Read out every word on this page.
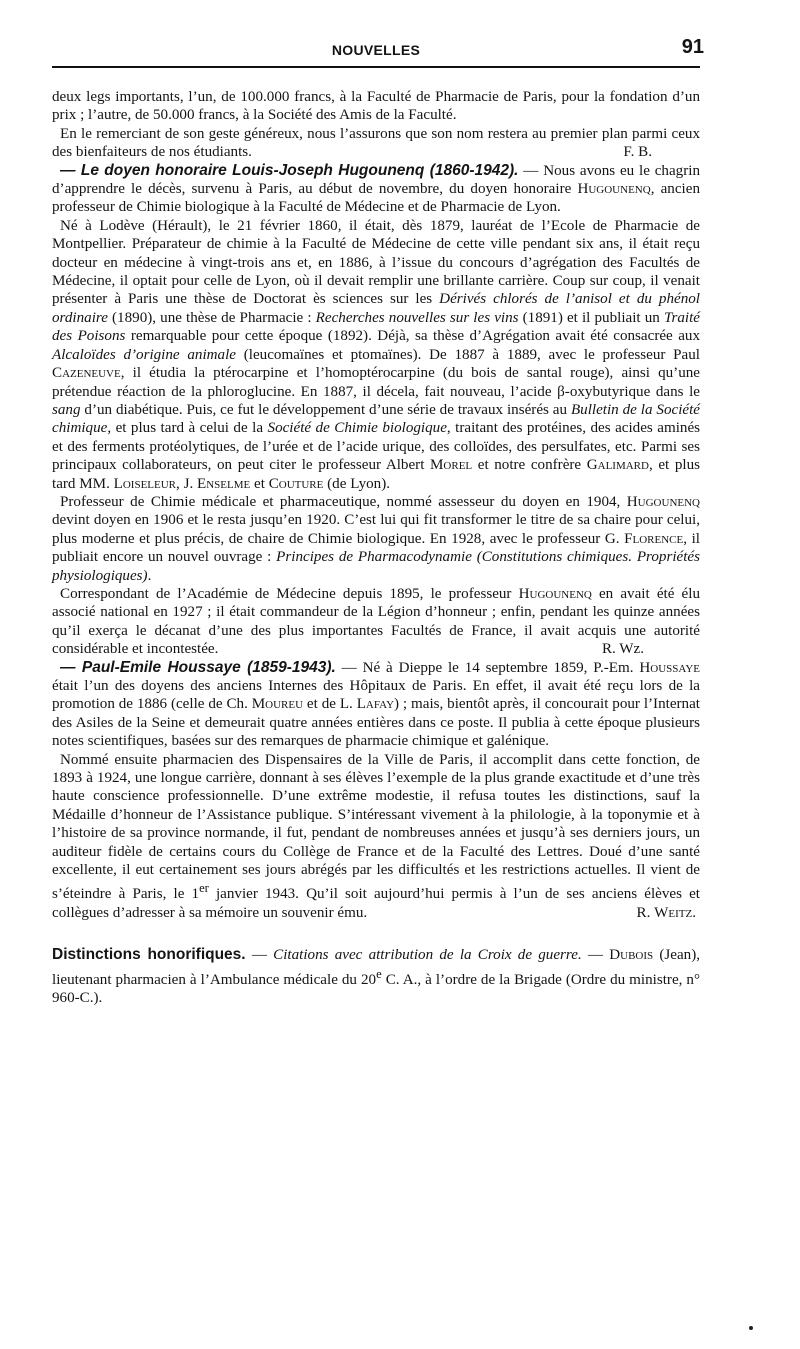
NOUVELLES	91

deux legs importants, l’un, de 100.000 francs, à la Faculté de Pharmacie de Paris, pour la fondation d’un prix ; l’autre, de 50.000 francs, à la Société des Amis de la Faculté.

En le remerciant de son geste généreux, nous l’assurons que son nom restera au premier plan parmi ceux des bienfaiteurs de nos étudiants.	F. B.

— Le doyen honoraire Louis-Joseph Hugounenq (1860-1942). — Nous avons eu le chagrin d’apprendre le décès, survenu à Paris, au début de novembre, du doyen honoraire Hugounenq, ancien professeur de Chimie biologique à la Faculté de Médecine et de Pharmacie de Lyon.

Né à Lodève (Hérault), le 21 février 1860, il était, dès 1879, lauréat de l’Ecole de Pharmacie de Montpellier. Préparateur de chimie à la Faculté de Médecine de cette ville pendant six ans, il était reçu docteur en médecine à vingt-trois ans et, en 1886, à l’issue du concours d’agrégation des Facultés de Médecine, il optait pour celle de Lyon, où il devait remplir une brillante carrière. Coup sur coup, il venait présenter à Paris une thèse de Doctorat ès sciences sur les Dérivés chlorés de l’anisol et du phénol ordinaire (1890), une thèse de Pharmacie : Recherches nouvelles sur les vins (1891) et il publiait un Traité des Poisons remarquable pour cette époque (1892). Déjà, sa thèse d’Agrégation avait été consacrée aux Alcaloïdes d’origine animale (leucomaïnes et ptomaïnes). De 1887 à 1889, avec le professeur Paul Cazeneuve, il étudia la ptérocarpine et l’homoptérocarpine (du bois de santal rouge), ainsi qu’une prétendue réaction de la phloroglucine. En 1887, il décela, fait nouveau, l’acide β-oxybutyrique dans le sang d’un diabétique. Puis, ce fut le développement d’une série de travaux insérés au Bulletin de la Société chimique, et plus tard à celui de la Société de Chimie biologique, traitant des protéines, des acides aminés et des ferments protéolytiques, de l’urée et de l’acide urique, des colloïdes, des persulfates, etc. Parmi ses principaux collaborateurs, on peut citer le professeur Albert Morel et notre confrère Galimard, et plus tard MM. Loiseleur, J. Enselme et Couture (de Lyon).

Professeur de Chimie médicale et pharmaceutique, nommé assesseur du doyen en 1904, Hugounenq devint doyen en 1906 et le resta jusqu’en 1920. C’est lui qui fit transformer le titre de sa chaire pour celui, plus moderne et plus précis, de chaire de Chimie biologique. En 1928, avec le professeur G. Florence, il publiait encore un nouvel ouvrage : Principes de Pharmacodynamie (Constitutions chimiques. Propriétés physiologiques).

Correspondant de l’Académie de Médecine depuis 1895, le professeur Hugounenq en avait été élu associé national en 1927 ; il était commandeur de la Légion d’honneur ; enfin, pendant les quinze années qu’il exerça le décanat d’une des plus importantes Facultés de France, il avait acquis une autorité considérable et incontestée.	R. Wz.

— Paul-Emile Houssaye (1859-1943). — Né à Dieppe le 14 septembre 1859, P.-Em. Houssaye était l’un des doyens des anciens Internes des Hôpitaux de Paris. En effet, il avait été reçu lors de la promotion de 1886 (celle de Ch. Moureu et de L. Lafay) ; mais, bientôt après, il concourait pour l’Internat des Asiles de la Seine et demeurait quatre années entières dans ce poste. Il publia à cette époque plusieurs notes scientifiques, basées sur des remarques de pharmacie chimique et galénique.

Nommé ensuite pharmacien des Dispensaires de la Ville de Paris, il accomplit dans cette fonction, de 1893 à 1924, une longue carrière, donnant à ses élèves l’exemple de la plus grande exactitude et d’une très haute conscience professionnelle. D’une extrême modestie, il refusa toutes les distinctions, sauf la Médaille d’honneur de l’Assistance publique. S’intéressant vivement à la philologie, à la toponymie et à l’histoire de sa province normande, il fut, pendant de nombreuses années et jusqu’à ses derniers jours, un auditeur fidèle de certains cours du Collège de France et de la Faculté des Lettres. Doué d’une santé excellente, il eut certainement ses jours abrégés par les difficultés et les restrictions actuelles. Il vient de s’éteindre à Paris, le 1er janvier 1943. Qu’il soit aujourd’hui permis à l’un de ses anciens élèves et collègues d’adresser à sa mémoire un souvenir ému.	R. Weitz.

Distinctions honorifiques. — Citations avec attribution de la Croix de guerre. — Dubois (Jean), lieutenant pharmacien à l’Ambulance médicale du 20e C. A., à l’ordre de la Brigade (Ordre du ministre, n° 960-C.).
